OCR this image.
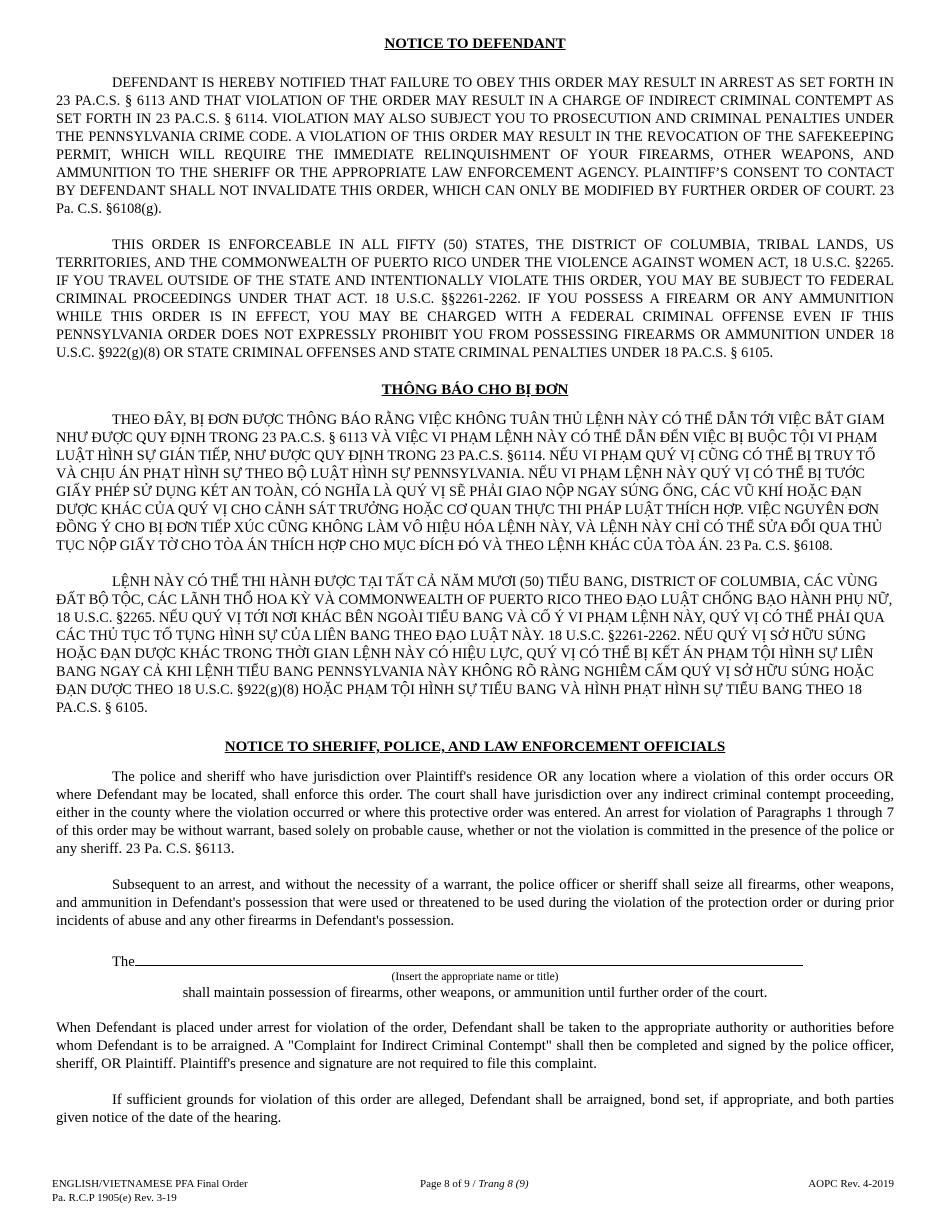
NOTICE TO DEFENDANT

DEFENDANT IS HEREBY NOTIFIED THAT FAILURE TO OBEY THIS ORDER MAY RESULT IN ARREST AS SET FORTH IN 23 PA.C.S. § 6113 AND THAT VIOLATION OF THE ORDER MAY RESULT IN A CHARGE OF INDIRECT CRIMINAL CONTEMPT AS SET FORTH IN 23 PA.C.S. § 6114. VIOLATION MAY ALSO SUBJECT YOU TO PROSECUTION AND CRIMINAL PENALTIES UNDER THE PENNSYLVANIA CRIME CODE. A VIOLATION OF THIS ORDER MAY RESULT IN THE REVOCATION OF THE SAFEKEEPING PERMIT, WHICH WILL REQUIRE THE IMMEDIATE RELINQUISHMENT OF YOUR FIREARMS, OTHER WEAPONS, AND AMMUNITION TO THE SHERIFF OR THE APPROPRIATE LAW ENFORCEMENT AGENCY. PLAINTIFF’S CONSENT TO CONTACT BY DEFENDANT SHALL NOT INVALIDATE THIS ORDER, WHICH CAN ONLY BE MODIFIED BY FURTHER ORDER OF COURT. 23 Pa. C.S. §6108(g).

THIS ORDER IS ENFORCEABLE IN ALL FIFTY (50) STATES, THE DISTRICT OF COLUMBIA, TRIBAL LANDS, US TERRITORIES, AND THE COMMONWEALTH OF PUERTO RICO UNDER THE VIOLENCE AGAINST WOMEN ACT, 18 U.S.C. §2265. IF YOU TRAVEL OUTSIDE OF THE STATE AND INTENTIONALLY VIOLATE THIS ORDER, YOU MAY BE SUBJECT TO FEDERAL CRIMINAL PROCEEDINGS UNDER THAT ACT. 18 U.S.C. §§2261-2262. IF YOU POSSESS A FIREARM OR ANY AMMUNITION WHILE THIS ORDER IS IN EFFECT, YOU MAY BE CHARGED WITH A FEDERAL CRIMINAL OFFENSE EVEN IF THIS PENNSYLVANIA ORDER DOES NOT EXPRESSLY PROHIBIT YOU FROM POSSESSING FIREARMS OR AMMUNITION UNDER 18 U.S.C. §922(g)(8) OR STATE CRIMINAL OFFENSES AND STATE CRIMINAL PENALTIES UNDER 18 PA.C.S. § 6105.

THÔNG BÁO CHO BỊ ĐƠN

THEO ĐÂY, BỊ ĐƠN ĐƯỢC THÔNG BÁO RẰNG VIỆC KHÔNG TUÂN THỦ LỆNH NÀY CÓ THỂ DẪN TỚI VIỆC BẮT GIAM NHƯ ĐƯỢC QUY ĐỊNH TRONG 23 PA.C.S. § 6113 VÀ VIỆC VI PHẠM LỆNH NÀY CÓ THỂ DẪN ĐẾN VIỆC BỊ BUỘC TỘI VI PHẠM LUẬT HÌNH SỰ GIÁN TIẾP, NHƯ ĐƯỢC QUY ĐỊNH TRONG 23 PA.C.S. §6114. NẾU VI PHẠM QUÝ VỊ CŨNG CÓ THỂ BỊ TRUY TỐ VÀ CHỊU ÁN PHẠT HÌNH SỰ THEO BỘ LUẬT HÌNH SỰ PENNSYLVANIA. NẾU VI PHẠM LỆNH NÀY QUÝ VỊ CÓ THỂ BỊ TƯỚC GIẤY PHÉP SỬ DỤNG KÉT AN TOÀN, CÓ NGHĨA LÀ QUÝ VỊ SẼ PHẢI GIAO NỘP NGAY SÚNG ỐNG, CÁC VŨ KHÍ HOẶC ĐẠN DƯỢC KHÁC CỦA QUÝ VỊ CHO CẢNH SÁT TRƯỞNG HOẶC CƠ QUAN THỰC THI PHÁP LUẬT THÍCH HỢP. VIỆC NGUYÊN ĐƠN ĐỒNG Ý CHO BỊ ĐƠN TIẾP XÚC CŨNG KHÔNG LÀM VÔ HIỆU HÓA LỆNH NÀY, VÀ LỆNH NÀY CHỈ CÓ THỂ SỬA ĐỔI QUA THỦ TỤC NỘP GIẤY TỜ CHO TÒA ÁN THÍCH HỢP CHO MỤC ĐÍCH ĐÓ VÀ THEO LỆNH KHÁC CỦA TÒA ÁN. 23 Pa. C.S. §6108.

LỆNH NÀY CÓ THỂ THI HÀNH ĐƯỢC TẠI TẤT CẢ NĂM MƯƠI (50) TIỂU BANG, DISTRICT OF COLUMBIA, CÁC VÙNG ĐẤT BỘ TỘC, CÁC LÃNH THỔ HOA KỲ VÀ COMMONWEALTH OF PUERTO RICO THEO ĐẠO LUẬT CHỐNG BẠO HÀNH PHỤ NỮ, 18 U.S.C. §2265. NẾU QUÝ VỊ TỚI NƠI KHÁC BÊN NGOÀI TIỂU BANG VÀ CỐ Ý VI PHẠM LỆNH NÀY, QUÝ VỊ CÓ THỂ PHẢI QUA CÁC THỦ TỤC TỐ TỤNG HÌNH SỰ CỦA LIÊN BANG THEO ĐẠO LUẬT NÀY. 18 U.S.C. §2261-2262. NẾU QUÝ VỊ SỞ HỮU SÚNG HOẶC ĐẠN DƯỢC KHÁC TRONG THỜI GIAN LỆNH NÀY CÓ HIỆU LỰC, QUÝ VỊ CÓ THỂ BỊ KẾT ÁN PHẠM TỘI HÌNH SỰ LIÊN BANG NGAY CẢ KHI LỆNH TIỂU BANG PENNSYLVANIA NÀY KHÔNG RÕ RÀNG NGHIÊM CẤM QUÝ VỊ SỞ HỮU SÚNG HOẶC ĐẠN DƯỢC THEO 18 U.S.C. §922(g)(8) HOẶC PHẠM TỘI HÌNH SỰ TIỂU BANG VÀ HÌNH PHẠT HÌNH SỰ TIỂU BANG THEO 18 PA.C.S. § 6105.

NOTICE TO SHERIFF, POLICE, AND LAW ENFORCEMENT OFFICIALS

The police and sheriff who have jurisdiction over Plaintiff's residence OR any location where a violation of this order occurs OR where Defendant may be located, shall enforce this order. The court shall have jurisdiction over any indirect criminal contempt proceeding, either in the county where the violation occurred or where this protective order was entered. An arrest for violation of Paragraphs 1 through 7 of this order may be without warrant, based solely on probable cause, whether or not the violation is committed in the presence of the police or any sheriff. 23 Pa. C.S. §6113.

Subsequent to an arrest, and without the necessity of a warrant, the police officer or sheriff shall seize all firearms, other weapons, and ammunition in Defendant's possession that were used or threatened to be used during the violation of the protection order or during prior incidents of abuse and any other firearms in Defendant's possession.

The

(Insert the appropriate name or title)

shall maintain possession of firearms, other weapons, or ammunition until further order of the court.

When Defendant is placed under arrest for violation of the order, Defendant shall be taken to the appropriate authority or authorities before whom Defendant is to be arraigned. A "Complaint for Indirect Criminal Contempt" shall then be completed and signed by the police officer, sheriff, OR Plaintiff. Plaintiff's presence and signature are not required to file this complaint.

If sufficient grounds for violation of this order are alleged, Defendant shall be arraigned, bond set, if appropriate, and both parties given notice of the date of the hearing.

ENGLISH/VIETNAMESE PFA Final Order
Pa. R.C.P 1905(e) Rev. 3-19
Page 8 of 9 / Trang 8 (9)	AOPC Rev. 4-2019
